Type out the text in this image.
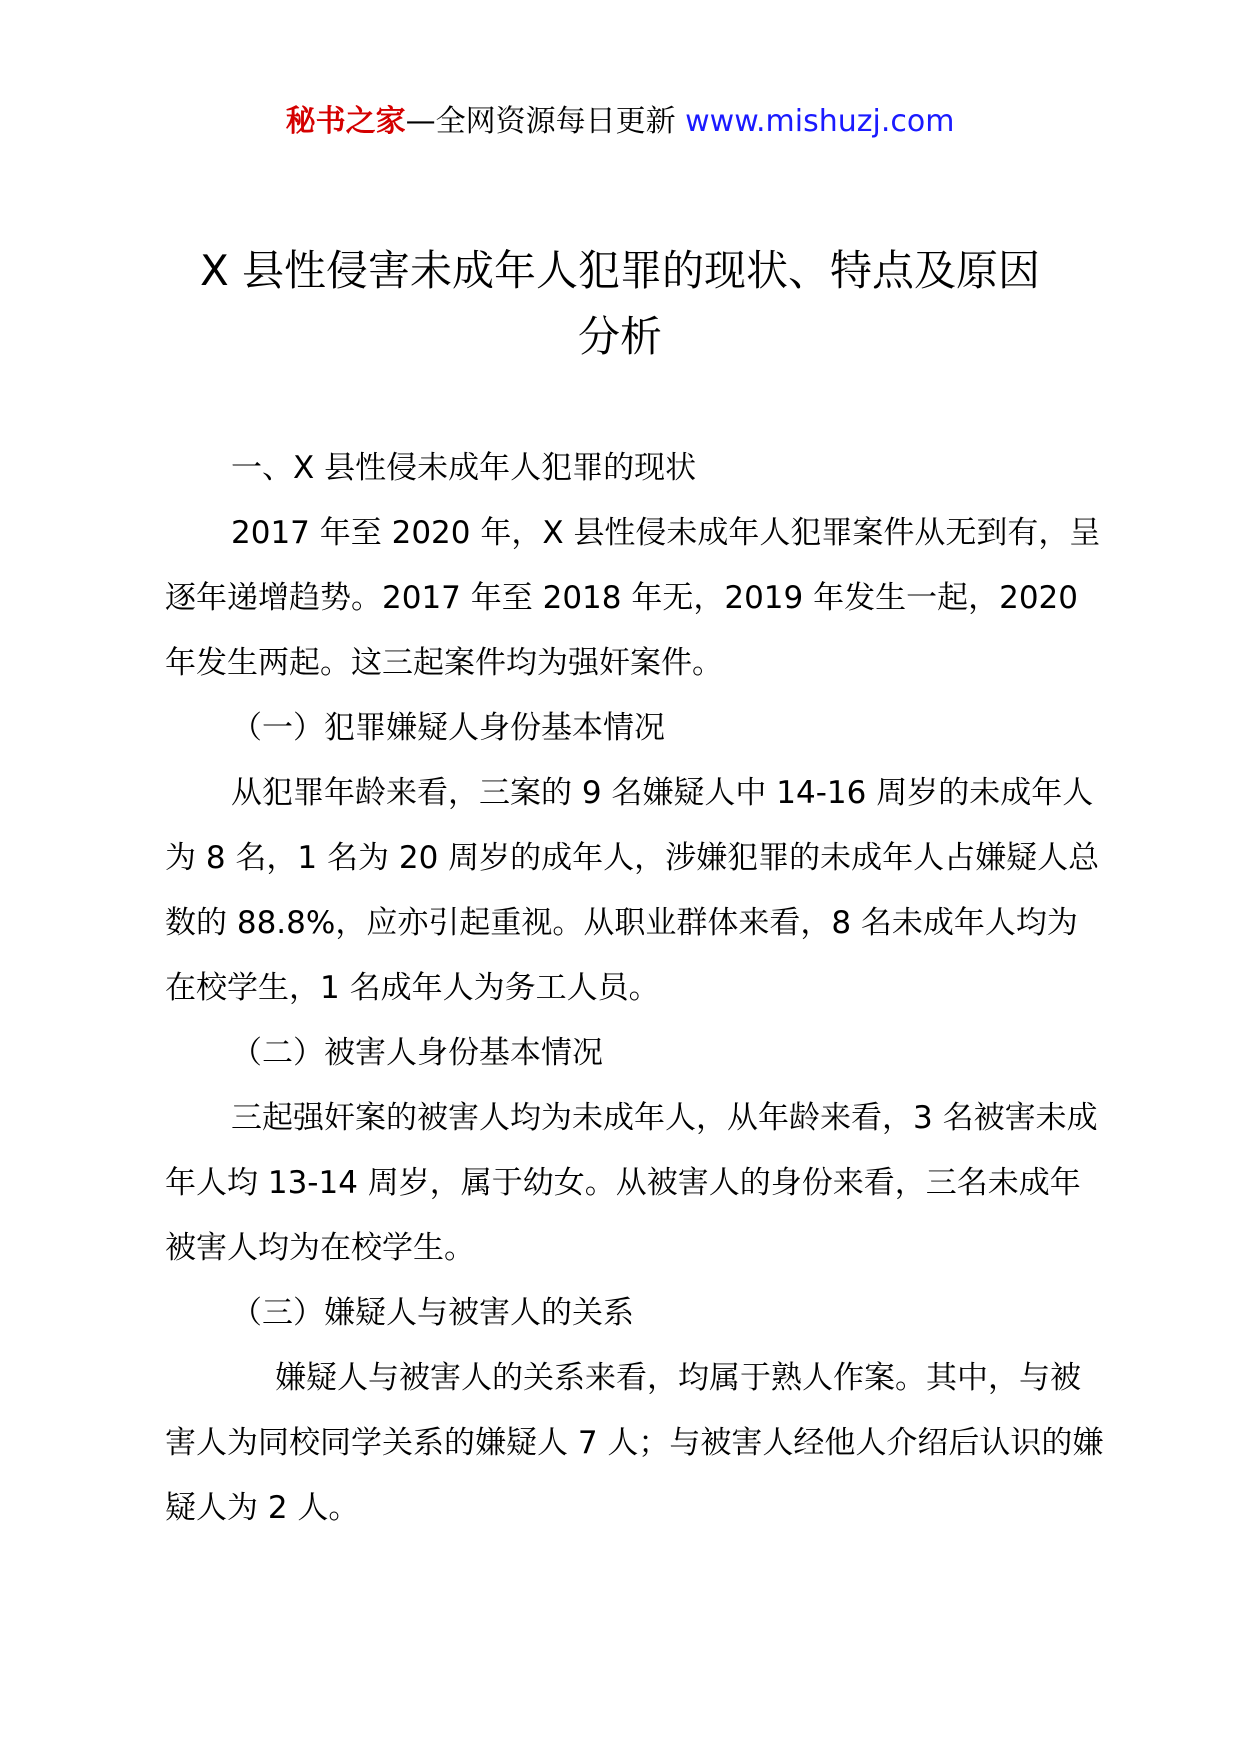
秘书之家—全网资源每日更新 www.mishuzj.com
X 县性侵害未成年人犯罪的现状、特点及原因
分析

一、X 县性侵未成年人犯罪的现状

2017 年至 2020 年，X 县性侵未成年人犯罪案件从无到有，呈逐年递增趋势。2017 年至 2018 年无，2019 年发生一起，2020 年发生两起。这三起案件均为强奸案件。

（一）犯罪嫌疑人身份基本情况

从犯罪年龄来看，三案的 9 名嫌疑人中 14-16 周岁的未成年人为 8 名，1 名为 20 周岁的成年人，涉嫌犯罪的未成年人占嫌疑人总数的 88.8%，应亦引起重视。从职业群体来看，8 名未成年人均为在校学生，1 名成年人为务工人员。

（二）被害人身份基本情况

三起强奸案的被害人均为未成年人，从年龄来看，3 名被害未成年人均 13-14 周岁，属于幼女。从被害人的身份来看，三名未成年被害人均为在校学生。

（三）嫌疑人与被害人的关系

嫌疑人与被害人的关系来看，均属于熟人作案。其中，与被害人为同校同学关系的嫌疑人 7 人；与被害人经他人介绍后认识的嫌疑人为 2 人。
